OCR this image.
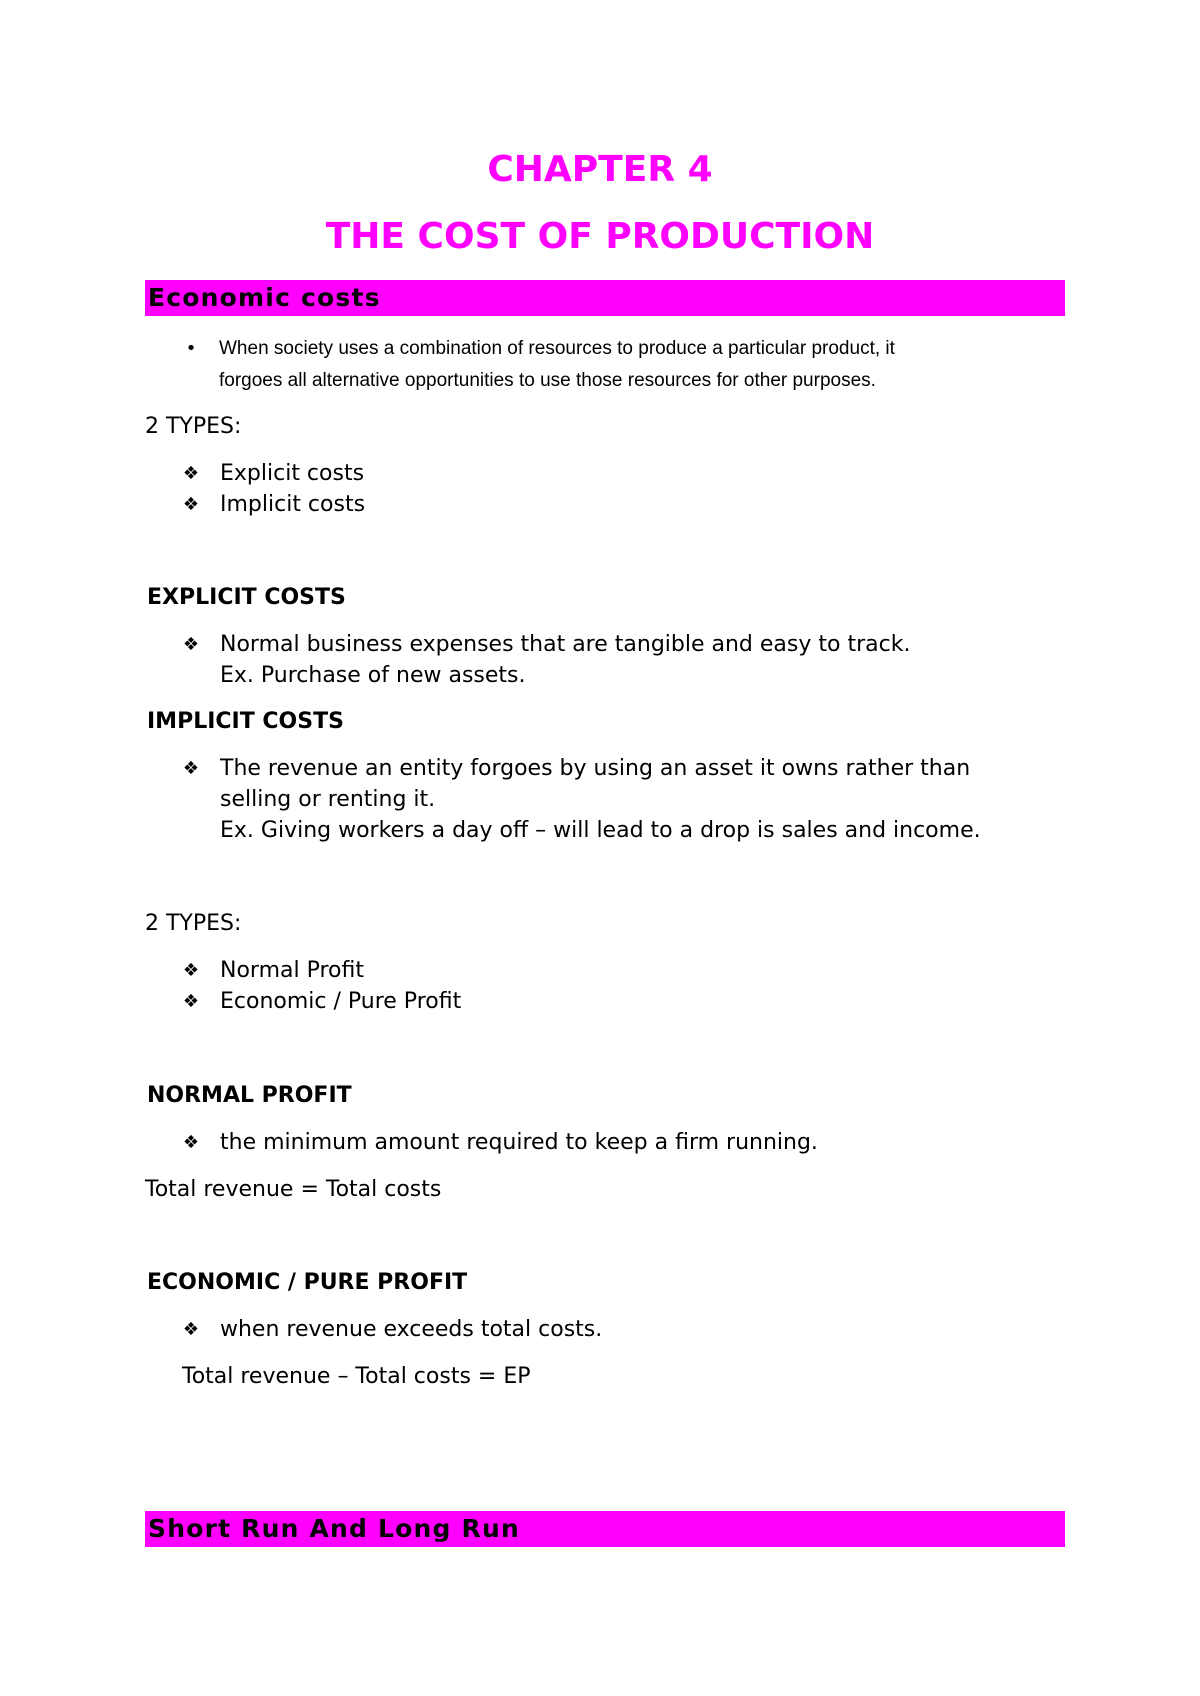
CHAPTER 4
THE COST OF PRODUCTION
Economic costs
• When society uses a combination of resources to produce a particular product, it
forgoes all alternative opportunities to use those resources for other purposes.
2 TYPES:
❖ Explicit costs
❖ Implicit costs
EXPLICIT COSTS
❖ Normal business expenses that are tangible and easy to track.
Ex. Purchase of new assets.
IMPLICIT COSTS
❖ The revenue an entity forgoes by using an asset it owns rather than
selling or renting it.
Ex. Giving workers a day off – will lead to a drop is sales and income.
2 TYPES:
❖ Normal Profit
❖ Economic / Pure Profit
NORMAL PROFIT
❖ the minimum amount required to keep a firm running.
Total revenue = Total costs
ECONOMIC / PURE PROFIT
❖ when revenue exceeds total costs.
Total revenue – Total costs = EP
Short Run And Long Run
